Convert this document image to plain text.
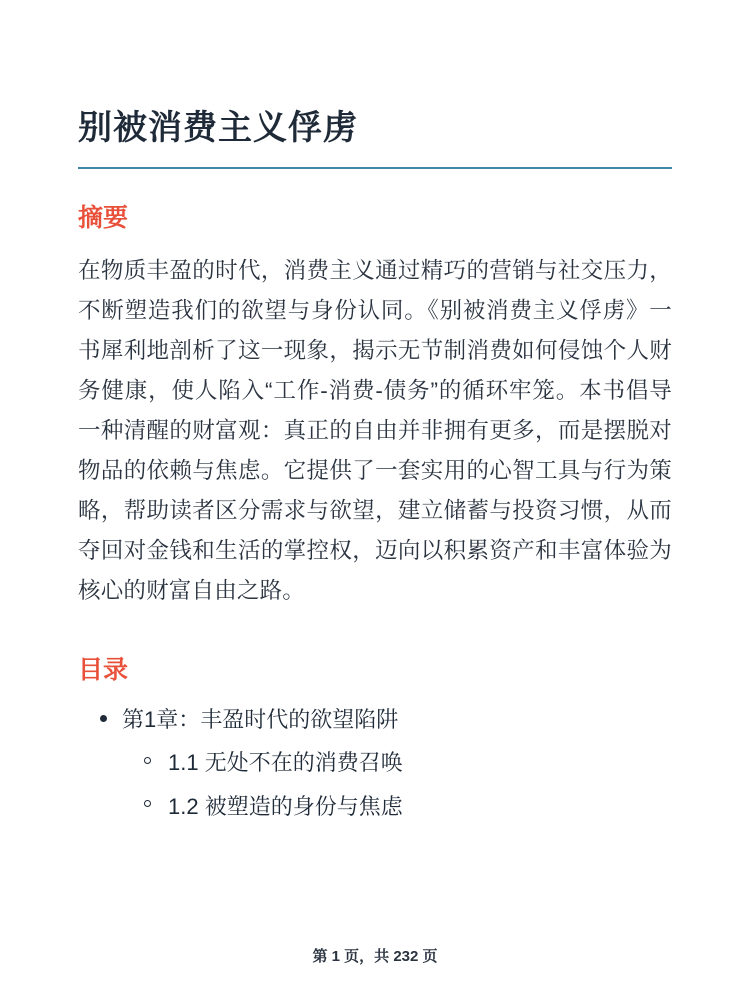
别被消费主义俘虏
摘要

在物质丰盈的时代，消费主义通过精巧的营销与社交压力，不断塑造我们的欲望与身份认同。《别被消费主义俘虏》一书犀利地剖析了这一现象，揭示无节制消费如何侵蚀个人财务健康，使人陷入“工作-消费-债务”的循环牢笼。本书倡导一种清醒的财富观：真正的自由并非拥有更多，而是摆脱对物品的依赖与焦虑。它提供了一套实用的心智工具与行为策略，帮助读者区分需求与欲望，建立储蓄与投资习惯，从而夺回对金钱和生活的掌控权，迈向以积累资产和丰富体验为核心的财富自由之路。

目录
第1章：丰盈时代的欲望陷阱
1.1 无处不在的消费召唤
1.2 被塑造的身份与焦虑
第 1 页，共 232 页
